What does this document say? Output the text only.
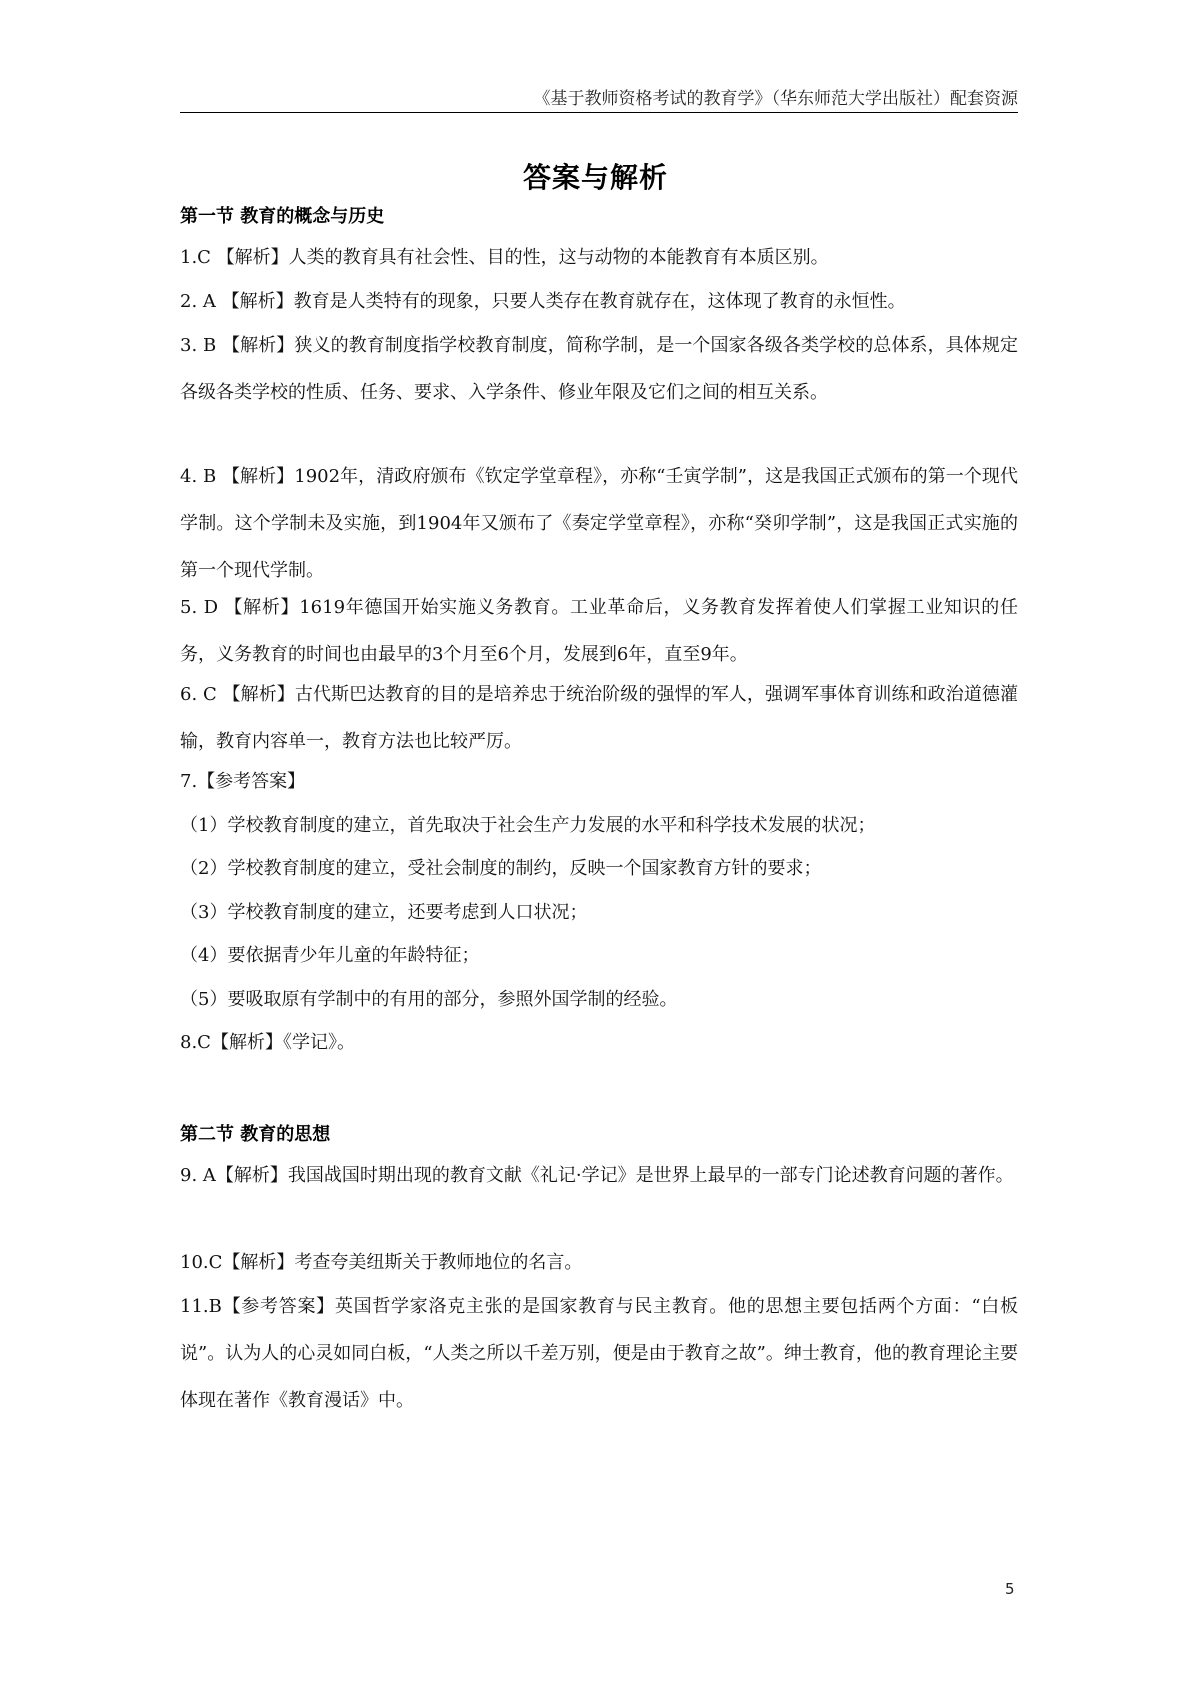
《基于教师资格考试的教育学》（华东师范大学出版社）配套资源
答案与解析
第一节 教育的概念与历史

1.C 【解析】人类的教育具有社会性、目的性，这与动物的本能教育有本质区别。

2. A 【解析】教育是人类特有的现象，只要人类存在教育就存在，这体现了教育的永恒性。

3. B 【解析】狭义的教育制度指学校教育制度，简称学制，是一个国家各级各类学校的总体系，具体规定各级各类学校的性质、任务、要求、入学条件、修业年限及它们之间的相互关系。

4. B 【解析】1902年，清政府颁布《钦定学堂章程》，亦称“壬寅学制”，这是我国正式颁布的第一个现代学制。这个学制未及实施，到1904年又颁布了《奏定学堂章程》，亦称“癸卯学制”，这是我国正式实施的第一个现代学制。

5. D 【解析】1619年德国开始实施义务教育。工业革命后，义务教育发挥着使人们掌握工业知识的任务，义务教育的时间也由最早的3个月至6个月，发展到6年，直至9年。

6. C 【解析】古代斯巴达教育的目的是培养忠于统治阶级的强悍的军人，强调军事体育训练和政治道德灌输，教育内容单一，教育方法也比较严厉。

7.【参考答案】

（1）学校教育制度的建立，首先取决于社会生产力发展的水平和科学技术发展的状况；

（2）学校教育制度的建立，受社会制度的制约，反映一个国家教育方针的要求；

（3）学校教育制度的建立，还要考虑到人口状况；

（4）要依据青少年儿童的年龄特征；

（5）要吸取原有学制中的有用的部分，参照外国学制的经验。

8.C【解析】《学记》。

第二节 教育的思想

9. A【解析】我国战国时期出现的教育文献《礼记·学记》是世界上最早的一部专门论述教育问题的著作。

10.C【解析】考查夸美纽斯关于教师地位的名言。

11.B【参考答案】英国哲学家洛克主张的是国家教育与民主教育。他的思想主要包括两个方面：“白板说”。认为人的心灵如同白板，“人类之所以千差万别，便是由于教育之故”。绅士教育，他的教育理论主要体现在著作《教育漫话》中。

5
